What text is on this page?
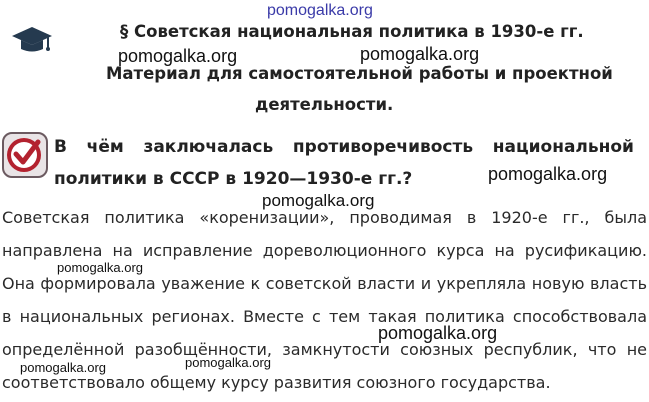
§ Советская национальная политика в 1930-е гг.
Материал для самостоятельной работы и проектной
деятельности.
В чём заключалась противоречивость национальной
политики в СССР в 1920—1930-е гг.?
Советская политика «коренизации», проводимая в 1920-е гг., была
направлена на исправление дореволюционного курса на русификацию.
Она формировала уважение к советской власти и укрепляла новую власть
в национальных регионах. Вместе с тем такая политика способствовала
определённой разобщённости, замкнутости союзных республик, что не
соответствовало общему курсу развития союзного государства.
pomogalka.org
pomogalka.org	pomogalka.org
pomogalka.org
pomogalka.org
pomogalka.org
pomogalka.org
pomogalka.org	pomogalka.org
